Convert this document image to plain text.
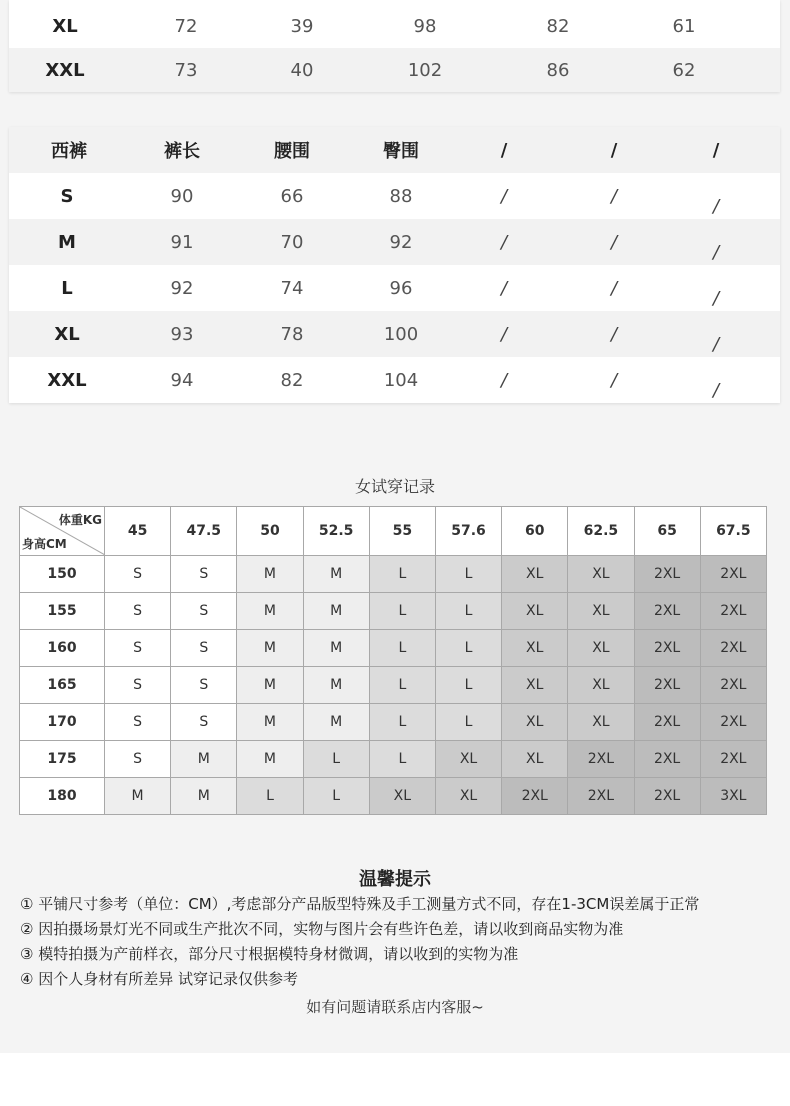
XL	72	39	98	82	61
XXL	73	40	102	86	62
西裤	裤长	腰围	臀围	/	/	/
S	90	66	88	/	/	/
M	91	70	92	/	/	/
L	92	74	96	/	/	/
XL	93	78	100	/	/	/
XXL	94	82	104	/	/	/
女试穿记录
体重KG
身高CM	45	47.5	50	52.5	55	57.6	60	62.5	65	67.5
150	S	S	M	M	L	L	XL	XL	2XL	2XL
155	S	S	M	M	L	L	XL	XL	2XL	2XL
160	S	S	M	M	L	L	XL	XL	2XL	2XL
165	S	S	M	M	L	L	XL	XL	2XL	2XL
170	S	S	M	M	L	L	XL	XL	2XL	2XL
175	S	M	M	L	L	XL	XL	2XL	2XL	2XL
180	M	M	L	L	XL	XL	2XL	2XL	2XL	3XL
温馨提示
① 平铺尺寸参考（单位：CM）,考虑部分产品版型特殊及手工测量方式不同，存在1-3CM误差属于正常
② 因拍摄场景灯光不同或生产批次不同，实物与图片会有些许色差，请以收到商品实物为准
③ 模特拍摄为产前样衣，部分尺寸根据模特身材微调，请以收到的实物为准
④ 因个人身材有所差异 试穿记录仅供参考
如有问题请联系店内客服~
